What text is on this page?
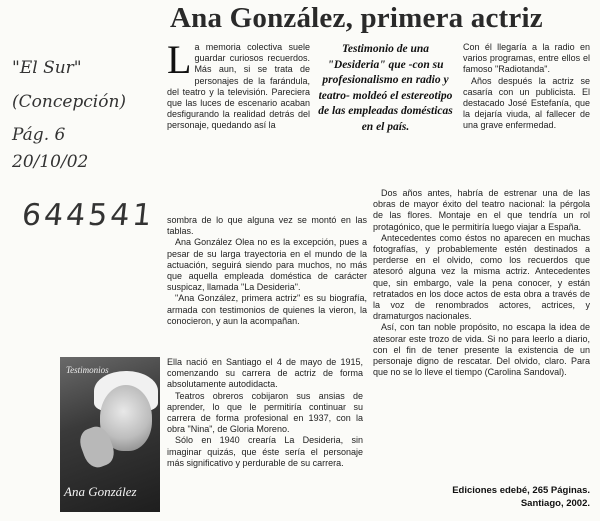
Ana González, primera actriz
"El Sur"
(Concepción)
Pág. 6
20/10/02
644541
L a memoria colectiva suele guardar curiosos recuerdos. Más aun, si se trata de personajes de la farándula, del teatro y la televisión. Pareciera que las luces de escenario acaban desfigurando la realidad detrás del personaje, quedando así la

Testimonio de una "Desideria" que -con su profesionalismo en radio y teatro- moldeó el estereotipo de las empleadas domésticas en el país.

sombra de lo que alguna vez se montó en las tablas.

Ana González Olea no es la excepción, pues a pesar de su larga trayectoria en el mundo de la actuación, seguirá siendo para muchos, no más que aquella empleada doméstica de carácter suspicaz, llamada "La Desideria".

"Ana González, primera actriz" es su biografía, armada con testimonios de quienes la vieron, la conocieron, y aun la acompañan.

Testimonios
Ana González

Ella nació en Santiago el 4 de mayo de 1915, comenzando su carrera de actriz de forma absolutamente autodidacta.

Teatros obreros cobijaron sus ansias de aprender, lo que le permitiría continuar su carrera de forma profesional en 1937, con la obra "Nina", de Gloria Moreno.

Sólo en 1940 crearía La Desideria, sin imaginar quizás, que éste sería el personaje más significativo y perdurable de su carrera.

Con él llegaría a la radio en varios programas, entre ellos el famoso "Radiotanda".

Años después la actriz se casaría con un publicista. El destacado José Estefanía, que la dejaría viuda, al fallecer de una grave enfermedad.

Dos años antes, habría de estrenar una de las obras de mayor éxito del teatro nacional: la pérgola de las flores. Montaje en el que tendría un rol protagónico, que le permitiría luego viajar a España.

Antecedentes como éstos no aparecen en muchas fotografías, y probablemente estén destinados a perderse en el olvido, como los recuerdos que atesoró alguna vez la misma actriz. Antecedentes que, sin embargo, vale la pena conocer, y están retratados en los doce actos de esta obra a través de la voz de renombrados actores, actrices, y dramaturgos nacionales.

Así, con tan noble propósito, no escapa la idea de atesorar este trozo de vida. Si no para leerlo a diario, con el fin de tener presente la existencia de un personaje digno de rescatar. Del olvido, claro. Para que no se lo lleve el tiempo (Carolina Sandoval).

Ediciones edebé, 265 Páginas.
Santiago, 2002.
